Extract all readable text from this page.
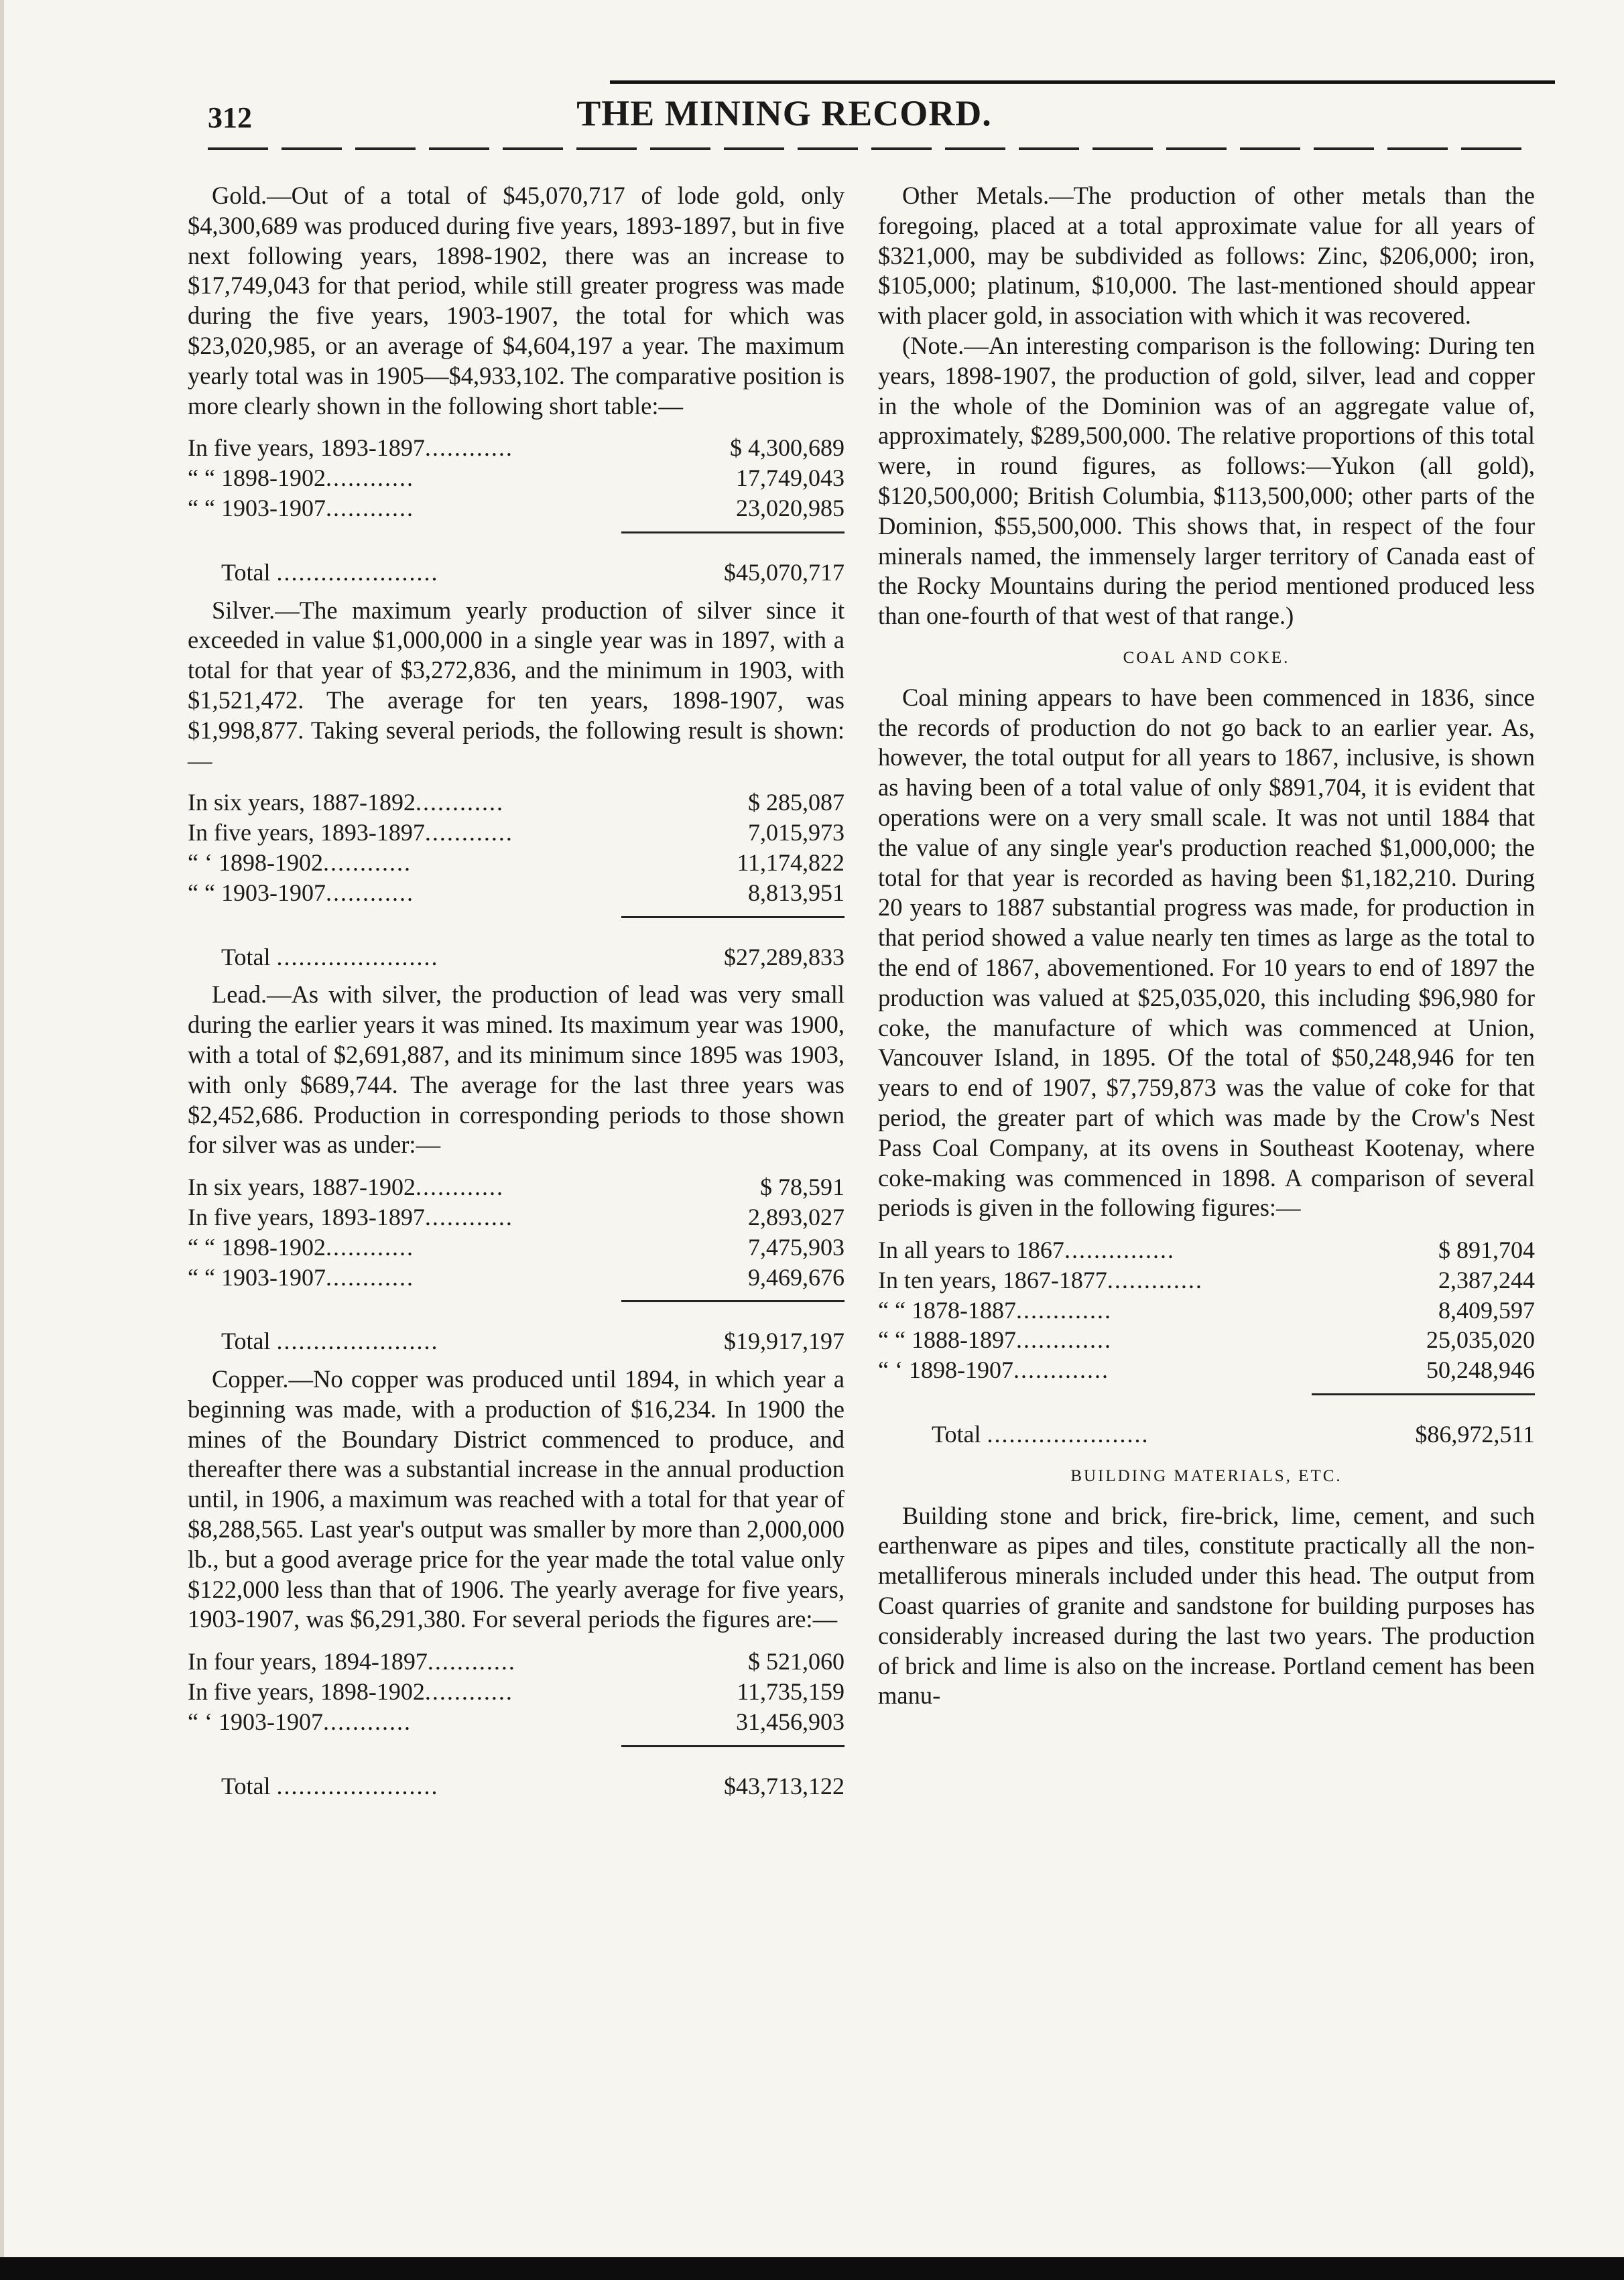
312	THE MINING RECORD.

Gold.—Out of a total of $45,070,717 of lode gold, only $4,300,689 was produced during five years, 1893-1897, but in five next following years, 1898-1902, there was an increase to $17,749,043 for that period, while still greater progress was made during the five years, 1903-1907, the total for which was $23,020,985, or an average of $4,604,197 a year. The maximum yearly total was in 1905—$4,933,102. The comparative position is more clearly shown in the following short table:—

In five years, 1893-1897............	$ 4,300,689
“ “ 1898-1902............	17,749,043
“ “ 1903-1907............	23,020,985
Total ......................	$45,070,717

Silver.—The maximum yearly production of silver since it exceeded in value $1,000,000 in a single year was in 1897, with a total for that year of $3,272,836, and the minimum in 1903, with $1,521,472. The average for ten years, 1898-1907, was $1,998,877. Taking several periods, the following result is shown:—

In six years, 1887-1892............	$ 285,087
In five years, 1893-1897............	7,015,973
“ ‘ 1898-1902............	11,174,822
“ “ 1903-1907............	8,813,951
Total ......................	$27,289,833

Lead.—As with silver, the production of lead was very small during the earlier years it was mined. Its maximum year was 1900, with a total of $2,691,887, and its minimum since 1895 was 1903, with only $689,744. The average for the last three years was $2,452,686. Production in corresponding periods to those shown for silver was as under:—

In six years, 1887-1902............	$ 78,591
In five years, 1893-1897............	2,893,027
“ “ 1898-1902............	7,475,903
“ “ 1903-1907............	9,469,676
Total ......................	$19,917,197

Copper.—No copper was produced until 1894, in which year a beginning was made, with a production of $16,234. In 1900 the mines of the Boundary District commenced to produce, and thereafter there was a substantial increase in the annual production until, in 1906, a maximum was reached with a total for that year of $8,288,565. Last year's output was smaller by more than 2,000,000 lb., but a good average price for the year made the total value only $122,000 less than that of 1906. The yearly average for five years, 1903-1907, was $6,291,380. For several periods the figures are:—

In four years, 1894-1897............	$ 521,060
In five years, 1898-1902............	11,735,159
“ ‘ 1903-1907............	31,456,903
Total ......................	$43,713,122

Other Metals.—The production of other metals than the foregoing, placed at a total approximate value for all years of $321,000, may be subdivided as follows: Zinc, $206,000; iron, $105,000; platinum, $10,000. The last-mentioned should appear with placer gold, in association with which it was recovered.

(Note.—An interesting comparison is the following: During ten years, 1898-1907, the production of gold, silver, lead and copper in the whole of the Dominion was of an aggregate value of, approximately, $289,500,000. The relative proportions of this total were, in round figures, as follows:—Yukon (all gold), $120,500,000; British Columbia, $113,500,000; other parts of the Dominion, $55,500,000. This shows that, in respect of the four minerals named, the immensely larger territory of Canada east of the Rocky Mountains during the period mentioned produced less than one-fourth of that west of that range.)

COAL AND COKE.

Coal mining appears to have been commenced in 1836, since the records of production do not go back to an earlier year. As, however, the total output for all years to 1867, inclusive, is shown as having been of a total value of only $891,704, it is evident that operations were on a very small scale. It was not until 1884 that the value of any single year's production reached $1,000,000; the total for that year is recorded as having been $1,182,210. During 20 years to 1887 substantial progress was made, for production in that period showed a value nearly ten times as large as the total to the end of 1867, abovementioned. For 10 years to end of 1897 the production was valued at $25,035,020, this including $96,980 for coke, the manufacture of which was commenced at Union, Vancouver Island, in 1895. Of the total of $50,248,946 for ten years to end of 1907, $7,759,873 was the value of coke for that period, the greater part of which was made by the Crow's Nest Pass Coal Company, at its ovens in Southeast Kootenay, where coke-making was commenced in 1898. A comparison of several periods is given in the following figures:—

In all years to 1867...............	$ 891,704
In ten years, 1867-1877.............	2,387,244
“ “ 1878-1887.............	8,409,597
“ “ 1888-1897.............	25,035,020
“ ‘ 1898-1907.............	50,248,946
Total ......................	$86,972,511
BUILDING MATERIALS, ETC.

Building stone and brick, fire-brick, lime, cement, and such earthenware as pipes and tiles, constitute practically all the non-metalliferous minerals included under this head. The output from Coast quarries of granite and sandstone for building purposes has considerably increased during the last two years. The production of brick and lime is also on the increase. Portland cement has been manu-
